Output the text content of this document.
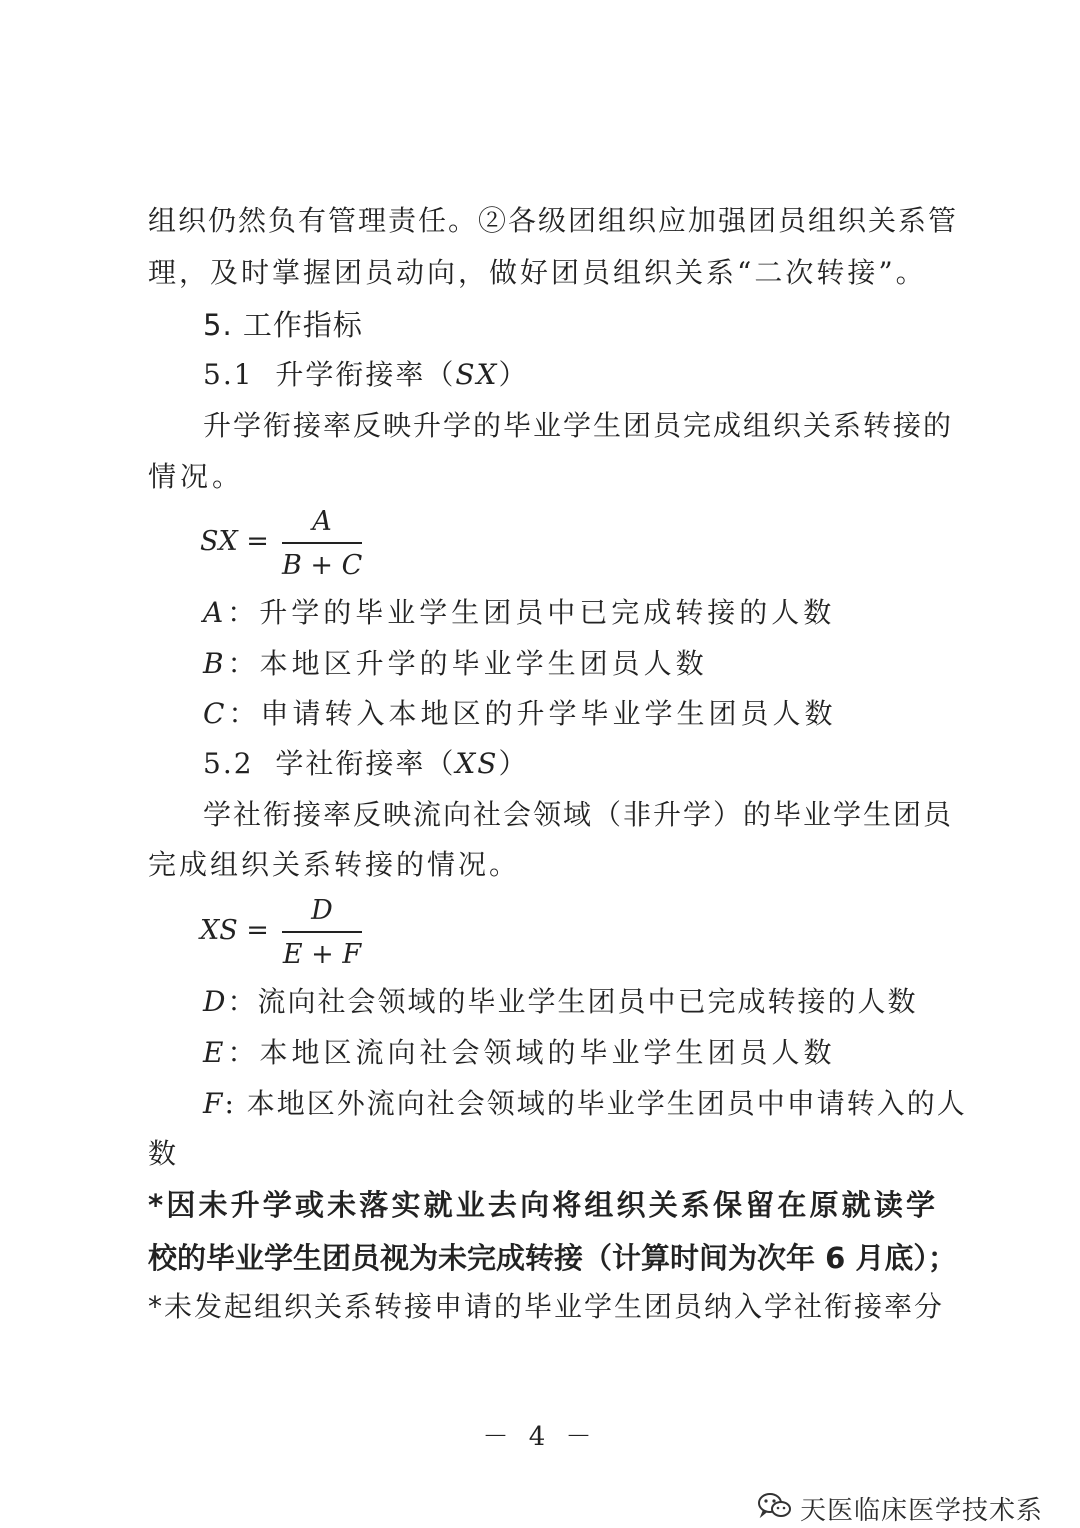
组织仍然负有管理责任。②各级团组织应加强团员组织关系管
理，及时掌握团员动向，做好团员组织关系“二次转接”。
5. 工作指标
5.1 升学衔接率（SX）
升学衔接率反映升学的毕业学生团员完成组织关系转接的
情况。
SX =
A
B + C
A：升学的毕业学生团员中已完成转接的人数
B：本地区升学的毕业学生团员人数
C：申请转入本地区的升学毕业学生团员人数
5.2 学社衔接率（XS）
学社衔接率反映流向社会领域（非升学）的毕业学生团员
完成组织关系转接的情况。
XS =
D
E + F
D：流向社会领域的毕业学生团员中已完成转接的人数
E：本地区流向社会领域的毕业学生团员人数
F: 本地区外流向社会领域的毕业学生团员中申请转入的人
数
*因未升学或未落实就业去向将组织关系保留在原就读学
校的毕业学生团员视为未完成转接（计算时间为次年 6 月底）；
*未发起组织关系转接申请的毕业学生团员纳入学社衔接率分
－ 4 －
天医临床医学技术系
